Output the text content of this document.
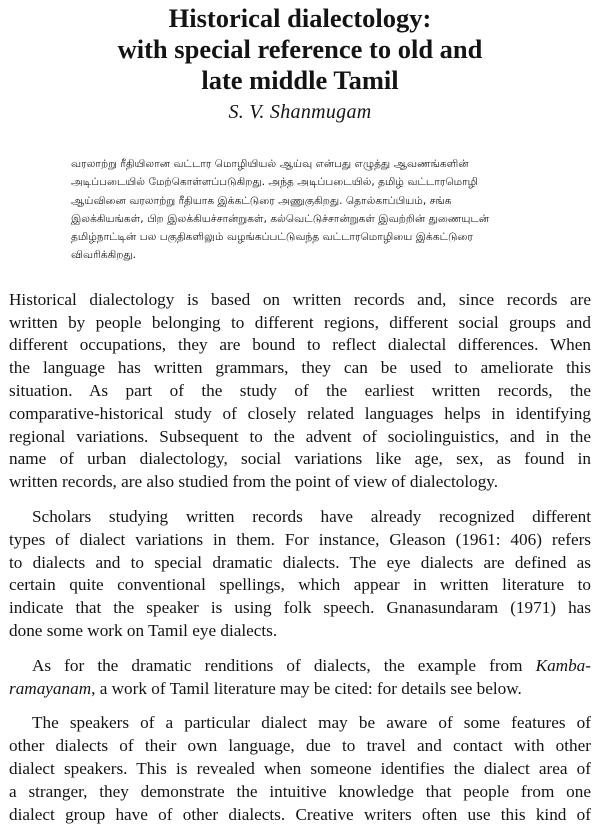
Historical dialectology:
with special reference to old and
late middle Tamil
S. V. Shanmugam
வரலாற்று ரீதியிலான வட்டார மொழியியல் ஆய்வு என்பது எழுத்து ஆவணங்களின்
அடிப்படையில் மேற்கொள்ளப்படுகிறது. அந்த அடிப்படையில், தமிழ் வட்டாரமொழி
ஆய்வினை வரலாற்று ரீதியாக இக்கட்டுரை அணுகுகிறது. தொல்காப்பியம், சங்க
இலக்கியங்கள், பிற இலக்கியச்சான்றுகள், கல்வெட்டுச்சான்றுகள் இவற்றின் துணையுடன்
தமிழ்நாட்டின் பல பகுதிகளிலும் வழங்கப்பட்டுவந்த வட்டாரமொழியை இக்கட்டுரை
விவரிக்கிறது.

Historical dialectology is based on written records and, since records are
written by people belonging to different regions, different social groups and
different occupations, they are bound to reflect dialectal differences. When
the language has written grammars, they can be used to ameliorate this
situation. As part of the study of the earliest written records, the
comparative-historical study of closely related languages helps in identifying
regional variations. Subsequent to the advent of sociolinguistics, and in the
name of urban dialectology, social variations like age, sex, as found in
written records, are also studied from the point of view of dialectology.

Scholars studying written records have already recognized different
types of dialect variations in them. For instance, Gleason (1961: 406) refers
to dialects and to special dramatic dialects. The eye dialects are defined as
certain quite conventional spellings, which appear in written literature to
indicate that the speaker is using folk speech. Gnanasundaram (1971) has
done some work on Tamil eye dialects.

As for the dramatic renditions of dialects, the example from Kamba-
ramayanam, a work of Tamil literature may be cited: for details see below.

The speakers of a particular dialect may be aware of some features of
other dialects of their own language, due to travel and contact with other
dialect speakers. This is revealed when someone identifies the dialect area of
a stranger, they demonstrate the intuitive knowledge that people from one
dialect group have of other dialects. Creative writers often use this kind of
